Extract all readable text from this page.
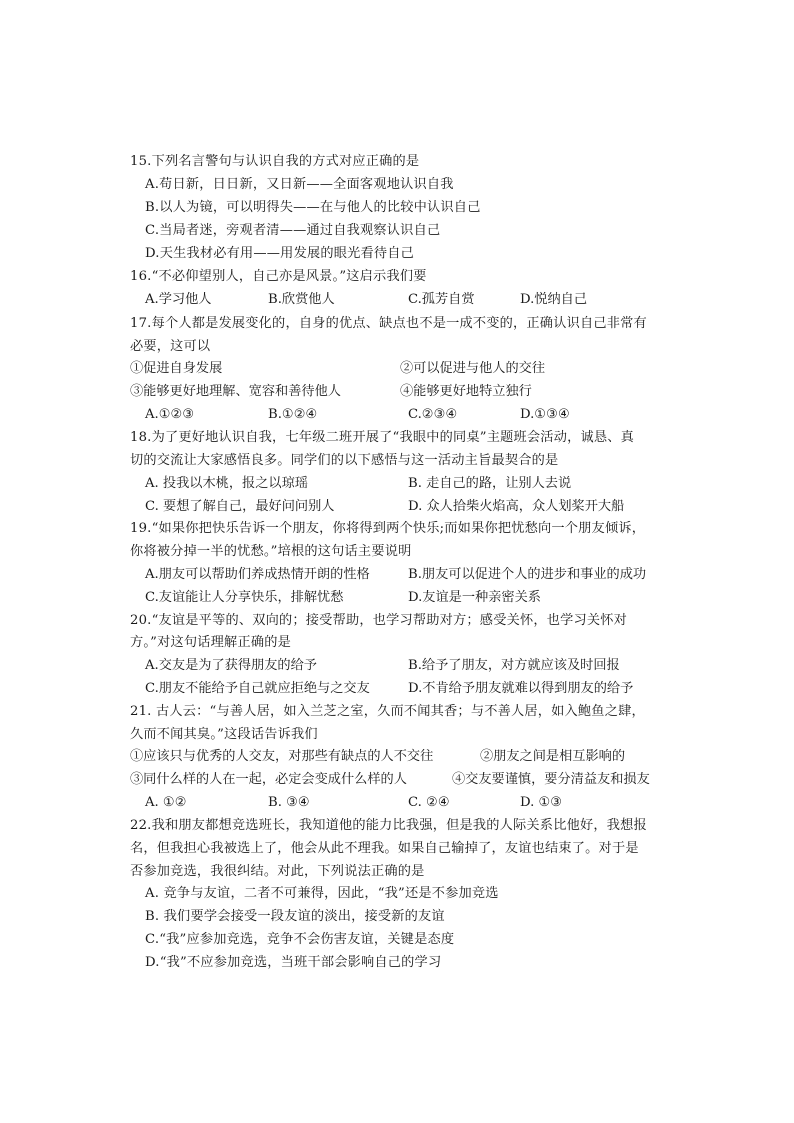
15.下列名言警句与认识自我的方式对应正确的是
A.苟日新，日日新，又日新——全面客观地认识自我
B.以人为镜，可以明得失——在与他人的比较中认识自己
C.当局者迷，旁观者清——通过自我观察认识自己
D.天生我材必有用——用发展的眼光看待自己
16.“不必仰望别人，自己亦是风景。”这启示我们要
A.学习他人	B.欣赏他人	C.孤芳自赏	D.悦纳自己
17.每个人都是发展变化的，自身的优点、缺点也不是一成不变的，正确认识自己非常有
必要，这可以
①促进自身发展	②可以促进与他人的交往
③能够更好地理解、宽容和善待他人	④能够更好地特立独行
A.①②③	B.①②④	C.②③④	D.①③④
18.为了更好地认识自我，七年级二班开展了“我眼中的同桌”主题班会活动，诚恳、真
切的交流让大家感悟良多。同学们的以下感悟与这一活动主旨最契合的是
A. 投我以木桃，报之以琼瑶	B. 走自己的路，让别人去说
C. 要想了解自己，最好问问别人	D. 众人拾柴火焰高，众人划桨开大船
19.“如果你把快乐告诉一个朋友，你将得到两个快乐;而如果你把忧愁向一个朋友倾诉，
你将被分掉一半的忧愁。”培根的这句话主要说明
A.朋友可以帮助们养成热情开朗的性格	B.朋友可以促进个人的进步和事业的成功
C.友谊能让人分享快乐，排解忧愁	D.友谊是一种亲密关系
20.“友谊是平等的、双向的；接受帮助，也学习帮助对方；感受关怀，也学习关怀对
方。”对这句话理解正确的是
A.交友是为了获得朋友的给予	B.给予了朋友，对方就应该及时回报
C.朋友不能给予自己就应拒绝与之交友	D.不肯给予朋友就难以得到朋友的给予
21. 古人云：“与善人居，如入兰芝之室，久而不闻其香；与不善人居，如入鲍鱼之肆，
久而不闻其臭。”这段话告诉我们
①应该只与优秀的人交友，对那些有缺点的人不交往	②朋友之间是相互影响的
③同什么样的人在一起，必定会变成什么样的人	④交友要谨慎，要分清益友和损友
A. ①②	B. ③④	C. ②④	D. ①③
22.我和朋友都想竞选班长，我知道他的能力比我强，但是我的人际关系比他好，我想报
名，但我担心我被选上了，他会从此不理我。如果自己输掉了，友谊也结束了。对于是
否参加竞选，我很纠结。对此，下列说法正确的是
A. 竞争与友谊，二者不可兼得，因此，“我”还是不参加竞选
B. 我们要学会接受一段友谊的淡出，接受新的友谊
C.“我”应参加竞选，竞争不会伤害友谊，关键是态度
D.“我”不应参加竞选，当班干部会影响自己的学习
